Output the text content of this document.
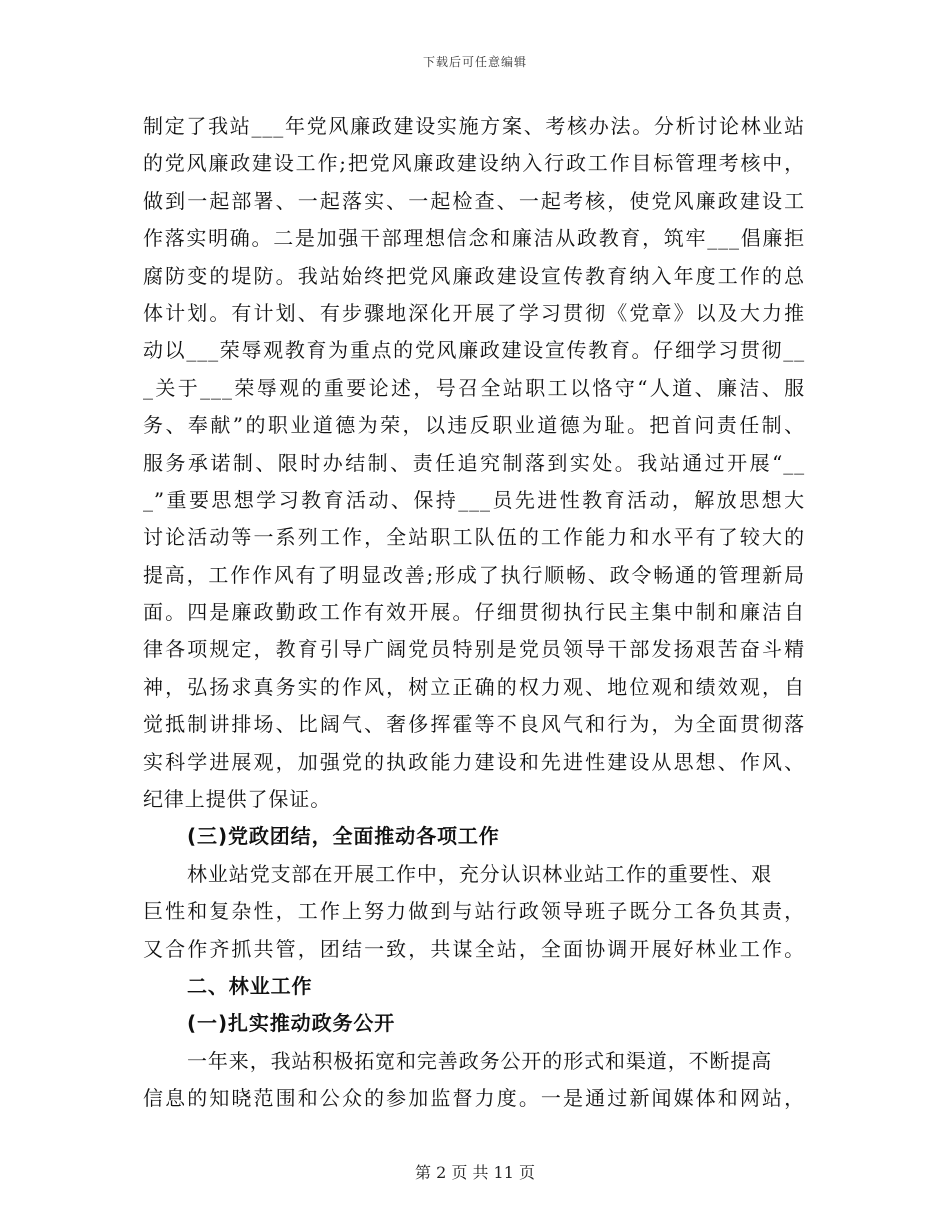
下载后可任意编辑
制定了我站___年党风廉政建设实施方案、考核办法。分析讨论林业站
的党风廉政建设工作;把党风廉政建设纳入行政工作目标管理考核中，
做到一起部署、一起落实、一起检查、一起考核，使党风廉政建设工
作落实明确。二是加强干部理想信念和廉洁从政教育，筑牢___倡廉拒
腐防变的堤防。我站始终把党风廉政建设宣传教育纳入年度工作的总
体计划。有计划、有步骤地深化开展了学习贯彻《党章》以及大力推
动以___荣辱观教育为重点的党风廉政建设宣传教育。仔细学习贯彻__
_关于___荣辱观的重要论述，号召全站职工以恪守“人道、廉洁、服
务、奉献”的职业道德为荣，以违反职业道德为耻。把首问责任制、
服务承诺制、限时办结制、责任追究制落到实处。我站通过开展“__
_”重要思想学习教育活动、保持___员先进性教育活动，解放思想大
讨论活动等一系列工作，全站职工队伍的工作能力和水平有了较大的
提高，工作作风有了明显改善;形成了执行顺畅、政令畅通的管理新局
面。四是廉政勤政工作有效开展。仔细贯彻执行民主集中制和廉洁自
律各项规定，教育引导广阔党员特别是党员领导干部发扬艰苦奋斗精
神，弘扬求真务实的作风，树立正确的权力观、地位观和绩效观，自
觉抵制讲排场、比阔气、奢侈挥霍等不良风气和行为，为全面贯彻落
实科学进展观，加强党的执政能力建设和先进性建设从思想、作风、
纪律上提供了保证。
(三)党政团结，全面推动各项工作
林业站党支部在开展工作中，充分认识林业站工作的重要性、艰
巨性和复杂性，工作上努力做到与站行政领导班子既分工各负其责，
又合作齐抓共管，团结一致，共谋全站，全面协调开展好林业工作。
二、林业工作
(一)扎实推动政务公开
一年来，我站积极拓宽和完善政务公开的形式和渠道，不断提高
信息的知晓范围和公众的参加监督力度。一是通过新闻媒体和网站，
第 2 页 共 11 页
